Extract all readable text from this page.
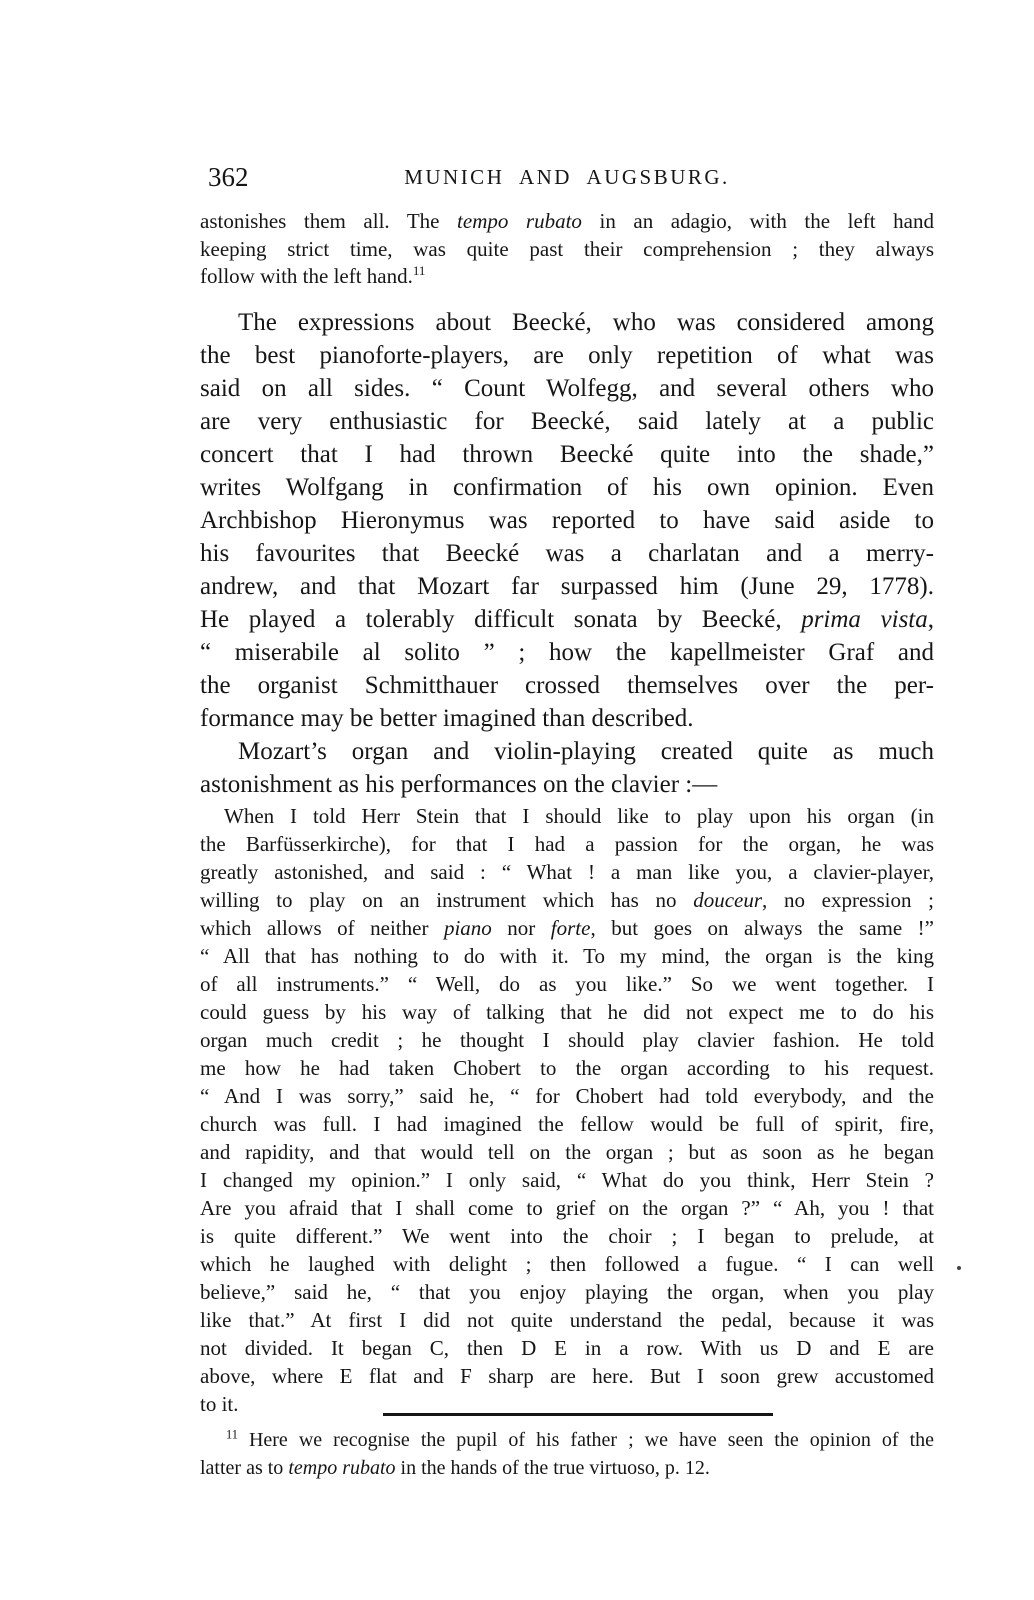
362	MUNICH AND AUGSBURG.
astonishes them all. The tempo rubato in an adagio, with the left hand
keeping strict time, was quite past their comprehension ; they always
follow with the left hand.$^{11}$
The expressions about Beecké, who was considered among
the best pianoforte-players, are only repetition of what was
said on all sides. “ Count Wolfegg, and several others who
are very enthusiastic for Beecké, said lately at a public
concert that I had thrown Beecké quite into the shade,”
writes Wolfgang in confirmation of his own opinion. Even
Archbishop Hieronymus was reported to have said aside to
his favourites that Beecké was a charlatan and a merry-
andrew, and that Mozart far surpassed him (June 29, 1778).
He played a tolerably difficult sonata by Beecké, prima vista,
“ miserabile al solito ” ; how the kapellmeister Graf and
the organist Schmitthauer crossed themselves over the per-
formance may be better imagined than described.
Mozart’s organ and violin-playing created quite as much
astonishment as his performances on the clavier :—
When I told Herr Stein that I should like to play upon his organ (in
the Barfüsserkirche), for that I had a passion for the organ, he was
greatly astonished, and said : “ What ! a man like you, a clavier-player,
willing to play on an instrument which has no douceur, no expression ;
which allows of neither piano nor forte, but goes on always the same !”
“ All that has nothing to do with it. To my mind, the organ is the king
of all instruments.” “ Well, do as you like.” So we went together. I
could guess by his way of talking that he did not expect me to do his
organ much credit ; he thought I should play clavier fashion. He told
me how he had taken Chobert to the organ according to his request.
“ And I was sorry,” said he, “ for Chobert had told everybody, and the
church was full. I had imagined the fellow would be full of spirit, fire,
and rapidity, and that would tell on the organ ; but as soon as he began
I changed my opinion.” I only said, “ What do you think, Herr Stein ?
Are you afraid that I shall come to grief on the organ ?” “ Ah, you ! that
is quite different.” We went into the choir ; I began to prelude, at
which he laughed with delight ; then followed a fugue. “ I can well
believe,” said he, “ that you enjoy playing the organ, when you play
like that.” At first I did not quite understand the pedal, because it was
not divided. It began C, then D E in a row. With us D and E are
above, where E flat and F sharp are here. But I soon grew accustomed
to it.
$^{11}$ Here we recognise the pupil of his father ; we have seen the opinion of the
latter as to tempo rubato in the hands of the true virtuoso, p. 12.
